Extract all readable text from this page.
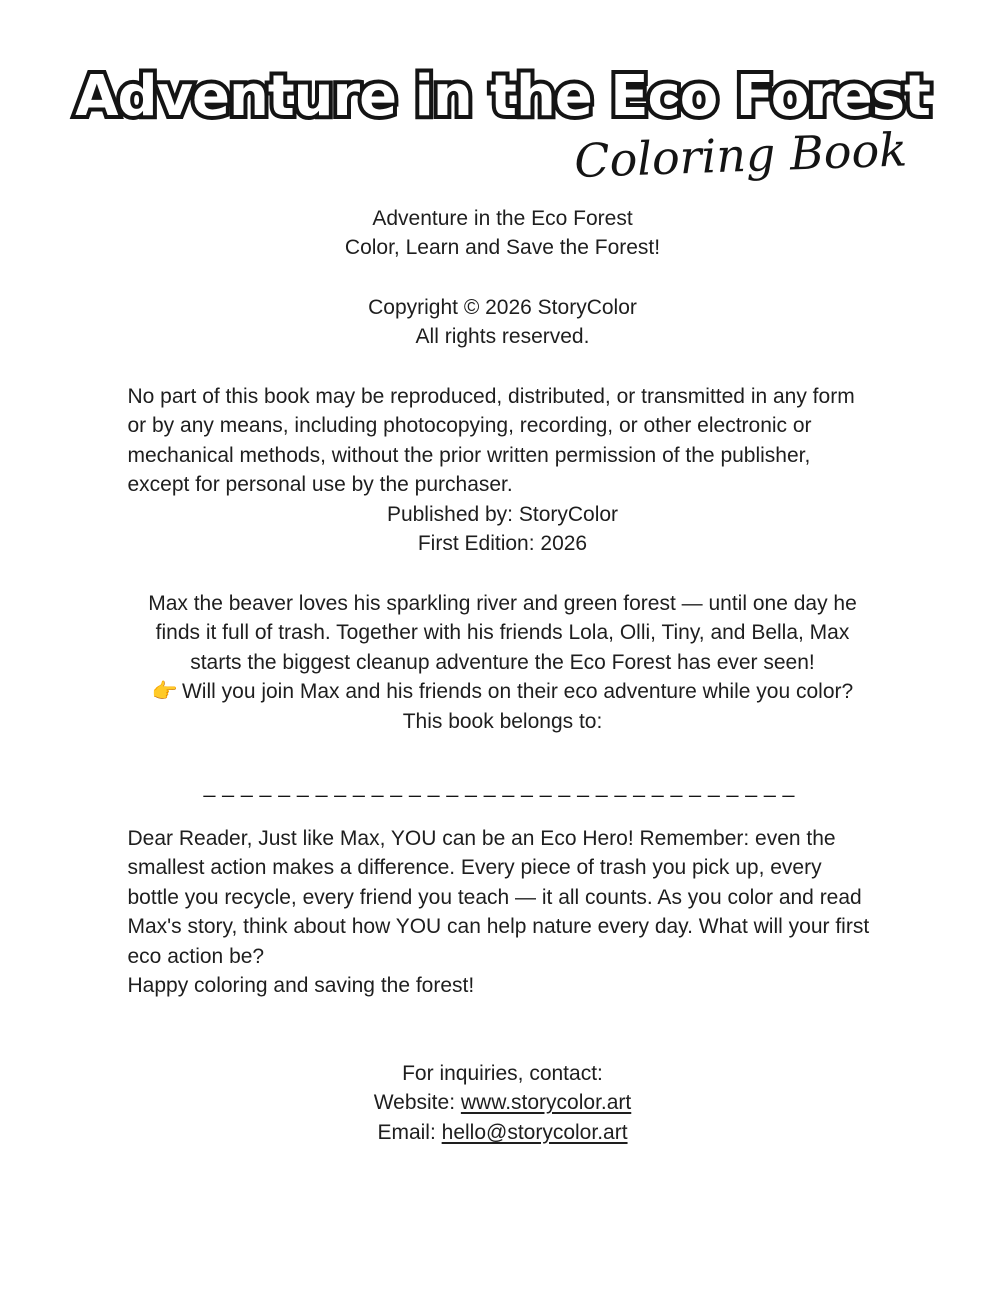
Adventure in the Eco Forest
Coloring Book

Adventure in the Eco Forest

Color, Learn and Save the Forest!

Copyright © 2026 StoryColor

All rights reserved.

No part of this book may be reproduced, distributed, or transmitted in any form or by any means, including photocopying, recording, or other electronic or mechanical methods, without the prior written permission of the publisher, except for personal use by the purchaser.

Published by: StoryColor

First Edition: 2026

Max the beaver loves his sparkling river and green forest — until one day he finds it full of trash. Together with his friends Lola, Olli, Tiny, and Bella, Max starts the biggest cleanup adventure the Eco Forest has ever seen!

👉 Will you join Max and his friends on their eco adventure while you color?

This book belongs to:

________________________________

Dear Reader, Just like Max, YOU can be an Eco Hero! Remember: even the smallest action makes a difference. Every piece of trash you pick up, every bottle you recycle, every friend you teach — it all counts. As you color and read Max's story, think about how YOU can help nature every day. What will your first eco action be?

Happy coloring and saving the forest!

For inquiries, contact:

Website: www.storycolor.art

Email: hello@storycolor.art
